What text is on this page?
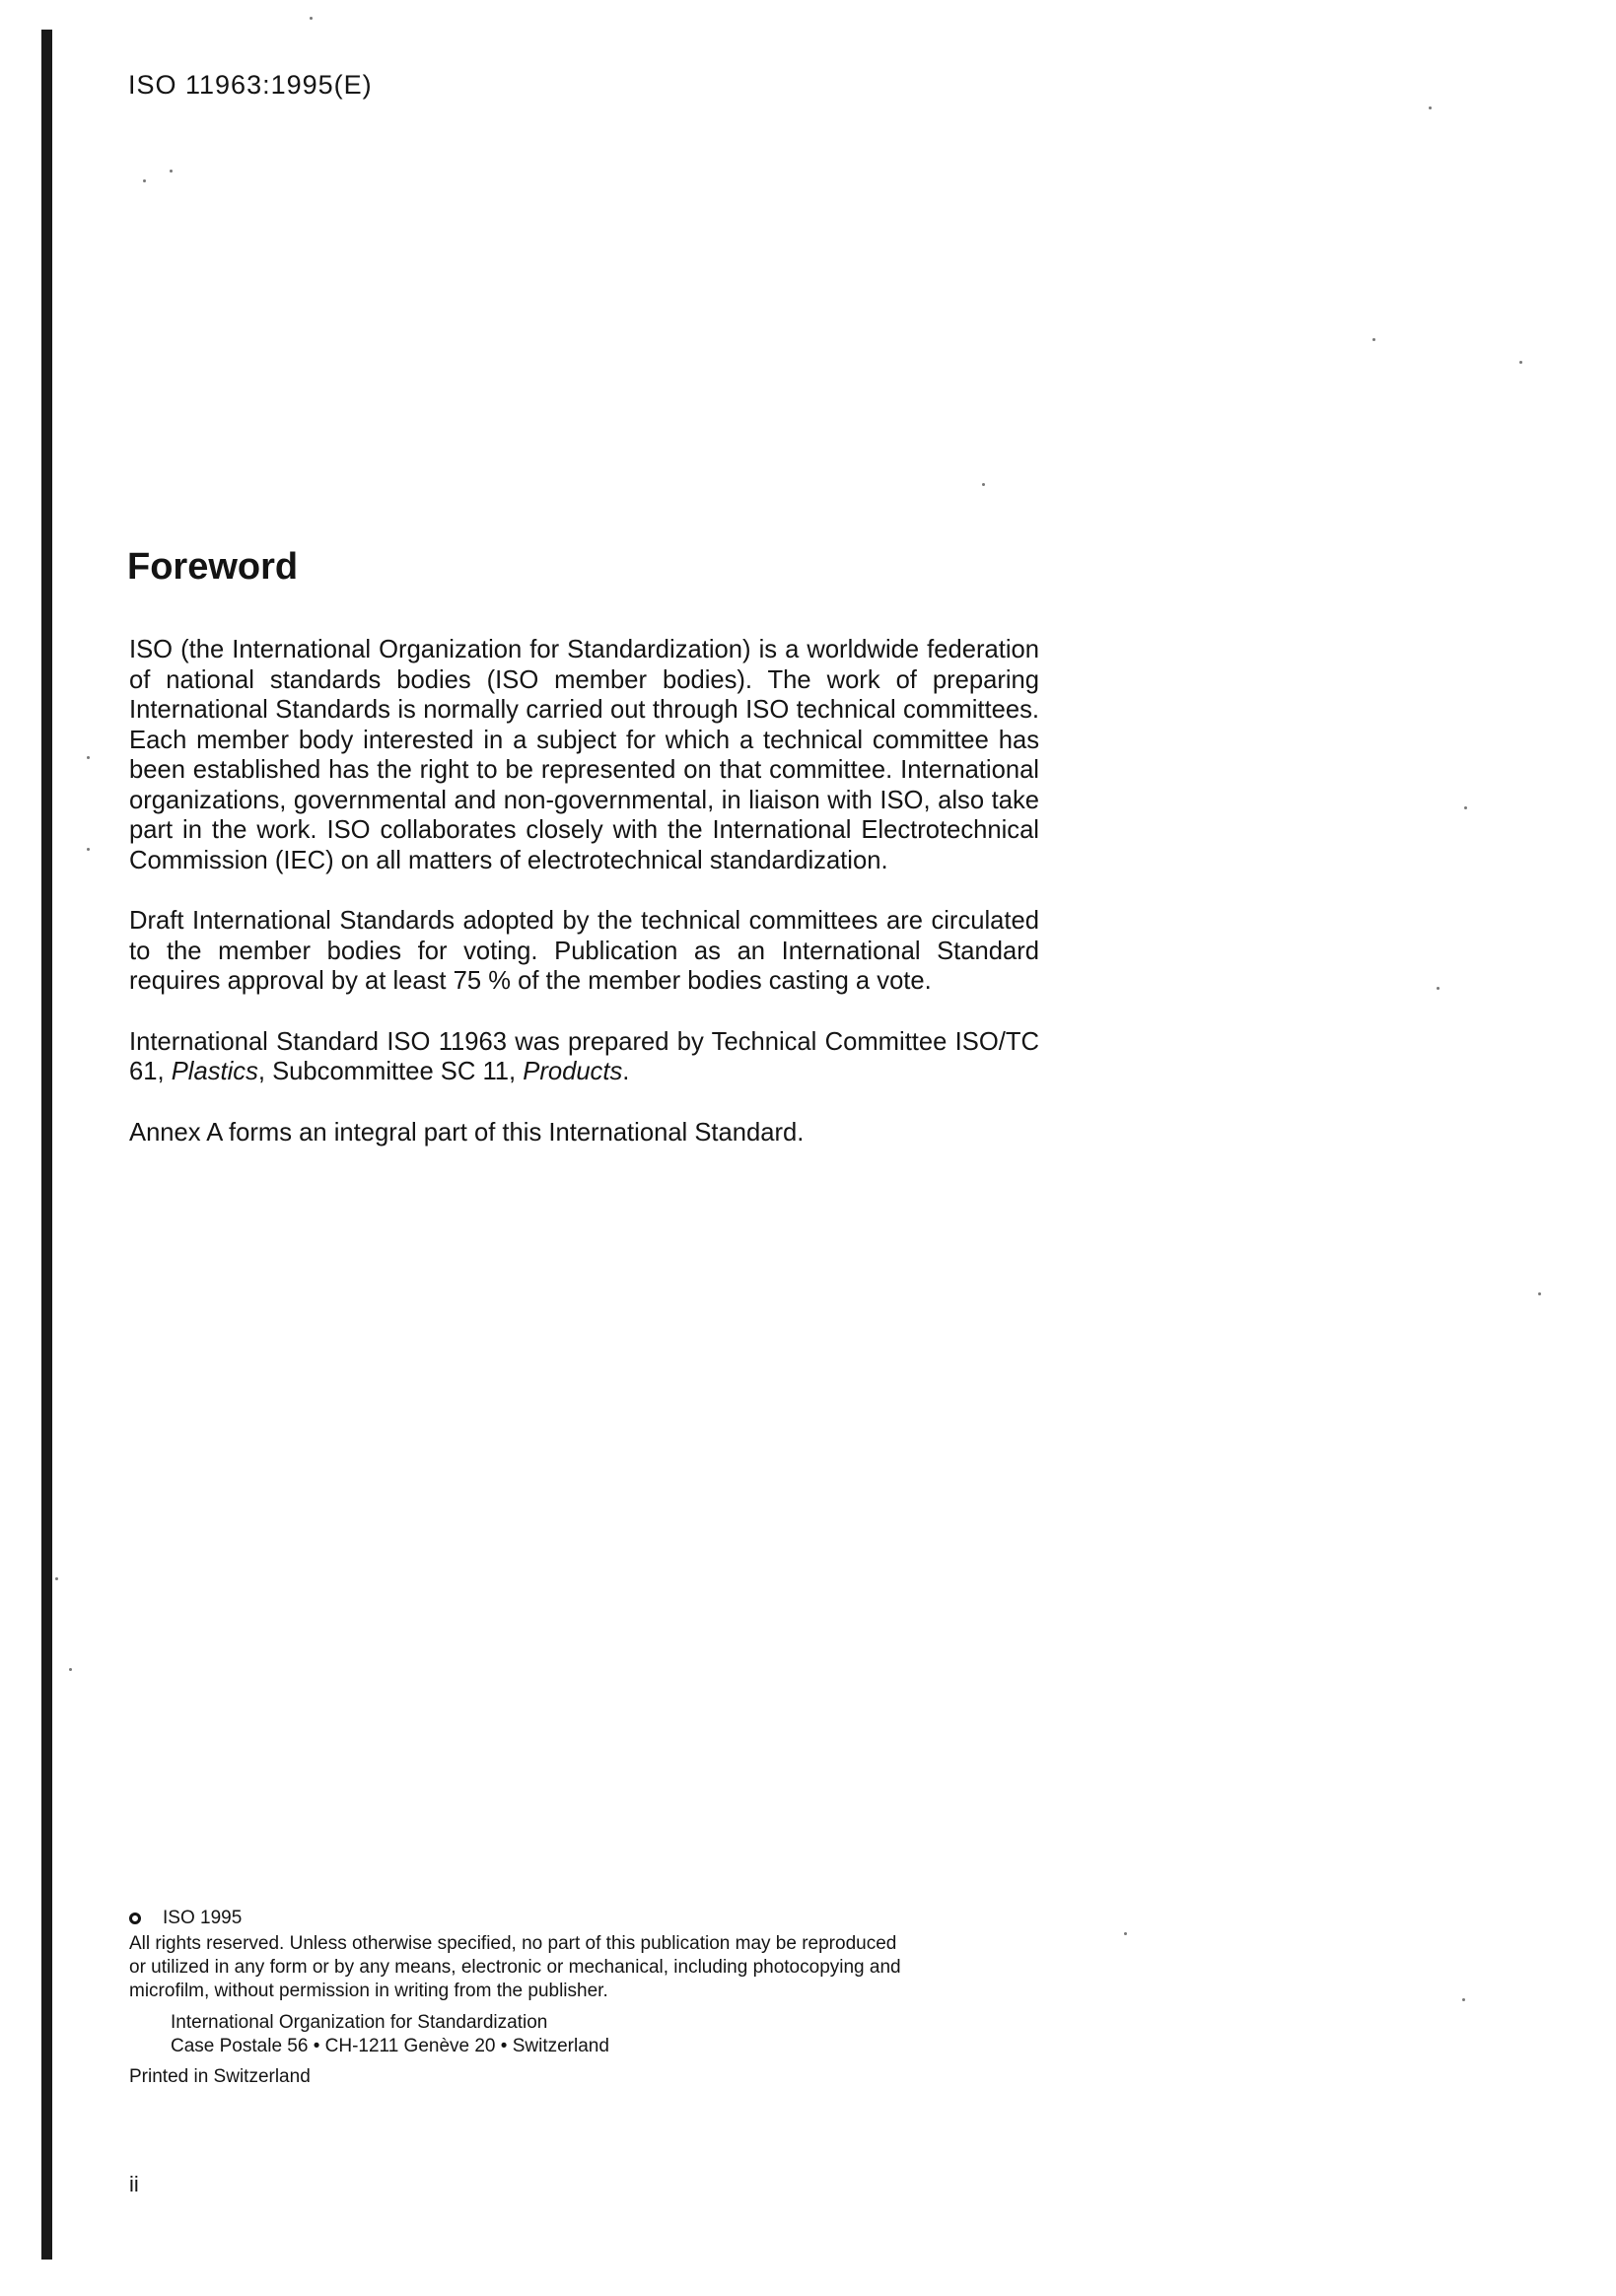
ISO 11963:1995(E)
Foreword

ISO (the International Organization for Standardization) is a worldwide federation of national standards bodies (ISO member bodies). The work of preparing International Standards is normally carried out through ISO technical committees. Each member body interested in a subject for which a technical committee has been established has the right to be represented on that committee. International organizations, governmental and non-governmental, in liaison with ISO, also take part in the work. ISO collaborates closely with the International Electrotechnical Commission (IEC) on all matters of electrotechnical standardization.

Draft International Standards adopted by the technical committees are circulated to the member bodies for voting. Publication as an International Standard requires approval by at least 75 % of the member bodies casting a vote.

International Standard ISO 11963 was prepared by Technical Committee ISO/TC 61, Plastics, Subcommittee SC 11, Products.

Annex A forms an integral part of this International Standard.

ISO 1995
All rights reserved. Unless otherwise specified, no part of this publication may be reproduced
or utilized in any form or by any means, electronic or mechanical, including photocopying and
microfilm, without permission in writing from the publisher.
International Organization for Standardization
Case Postale 56 • CH-1211 Genève 20 • Switzerland
Printed in Switzerland
ii
